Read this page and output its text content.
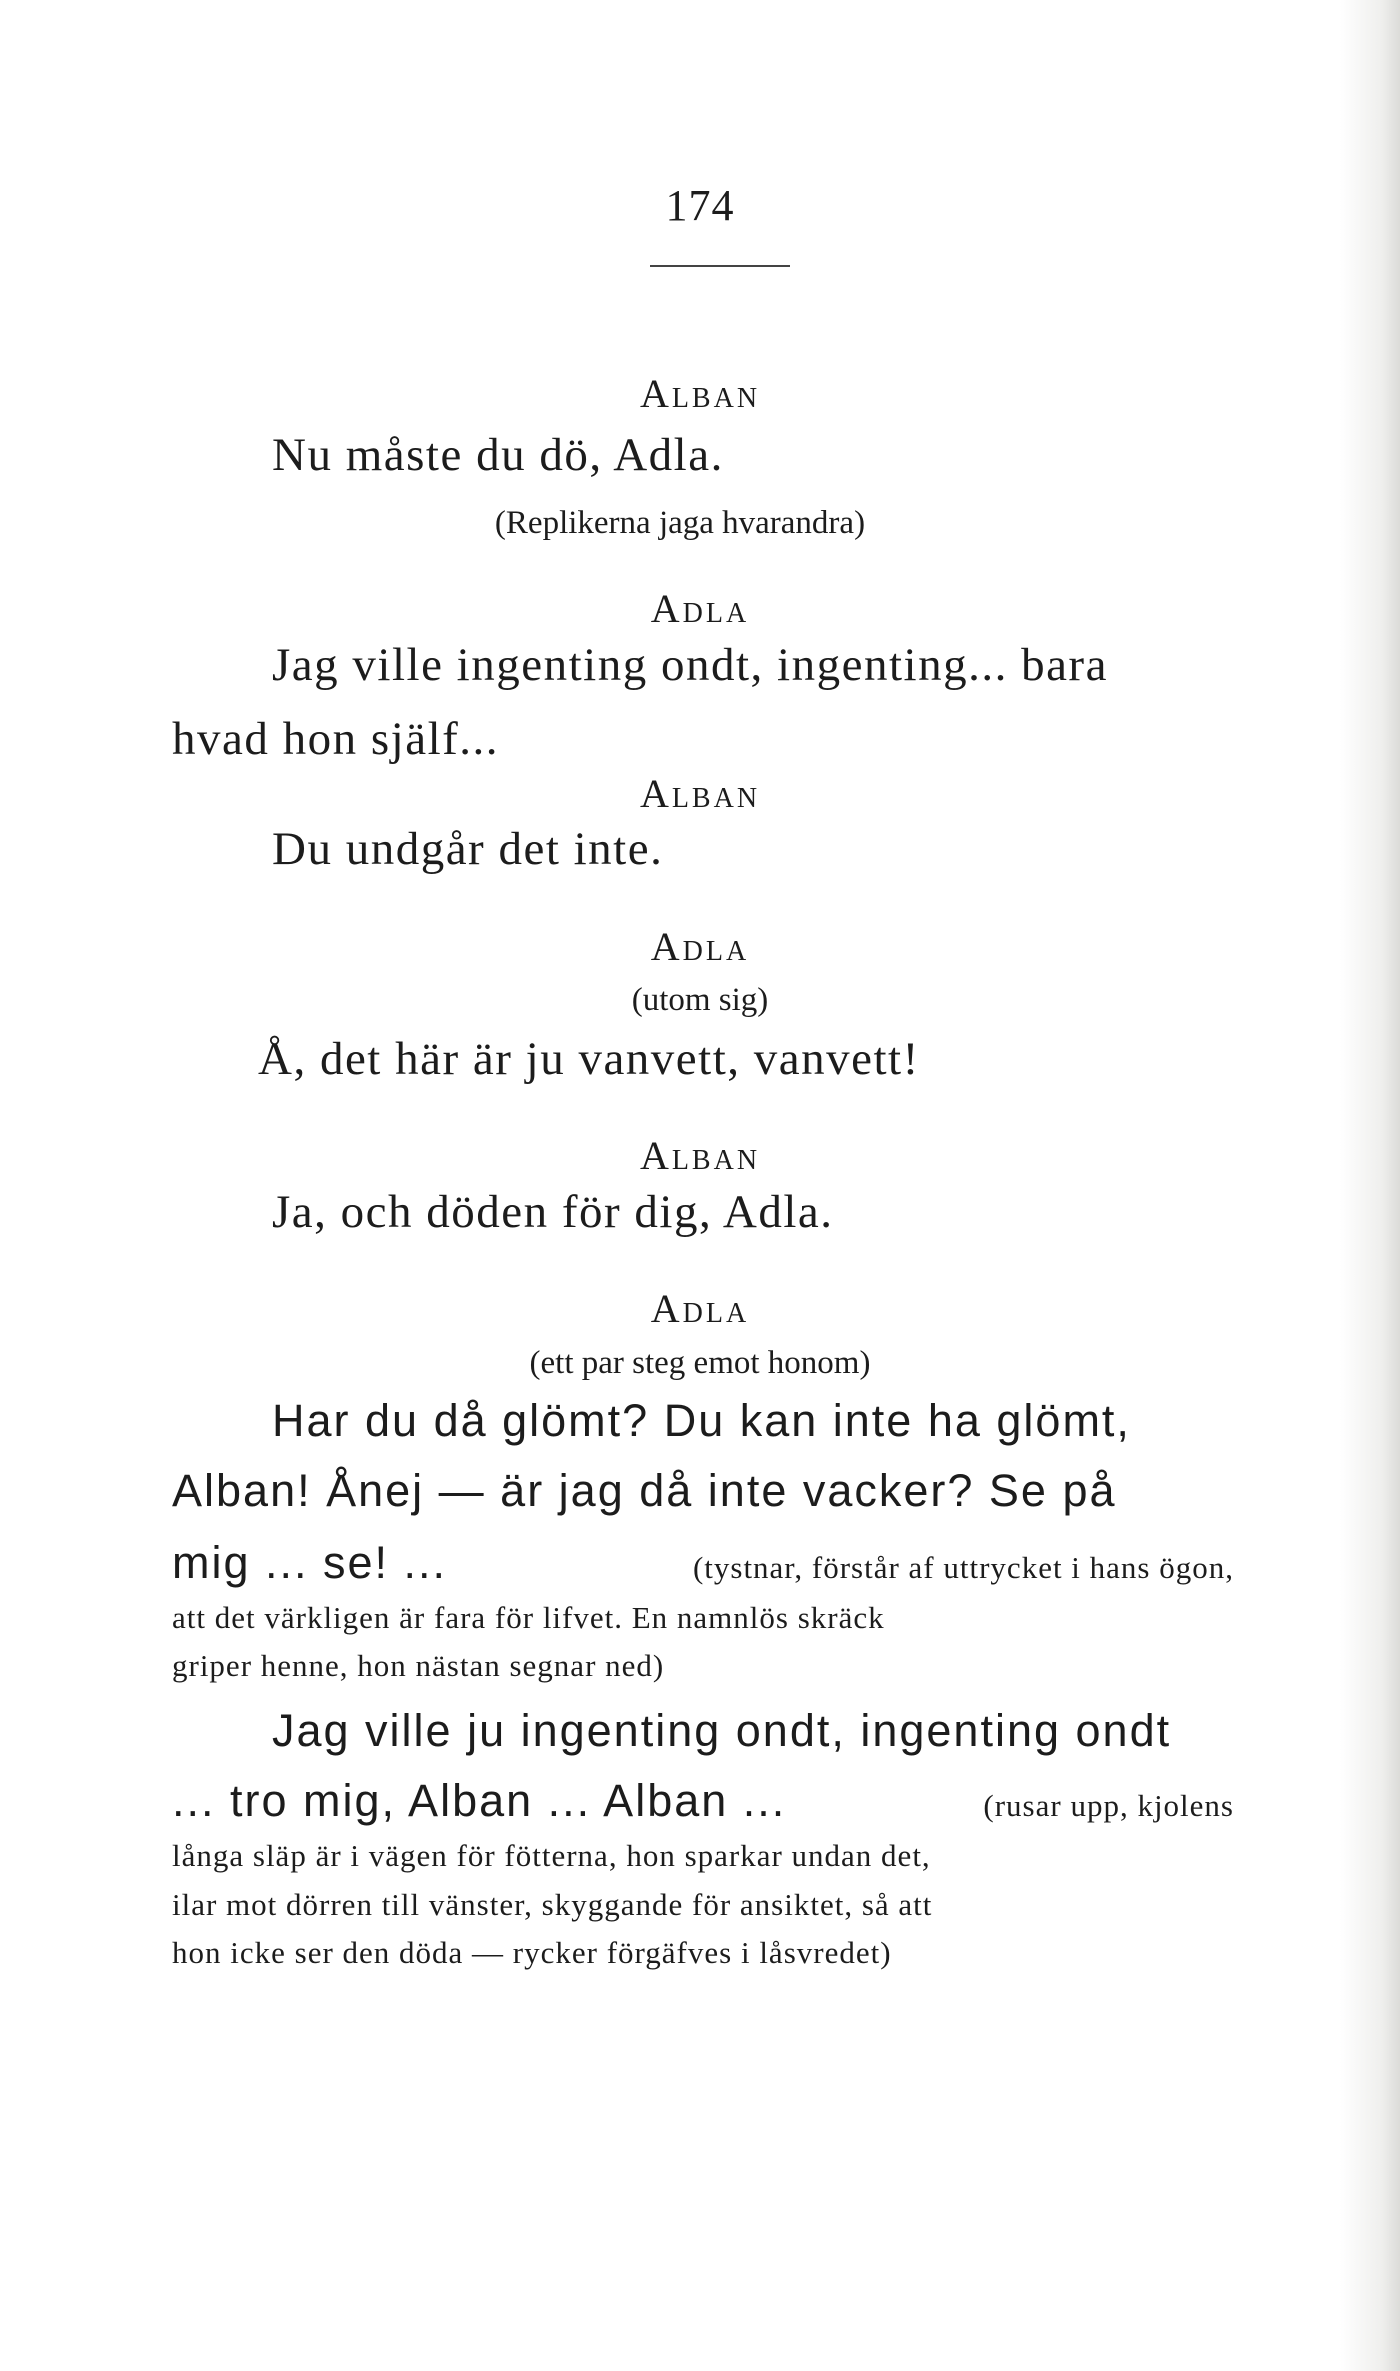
174
Alban
Nu måste du dö, Adla.
(Replikerna jaga hvarandra)
Adla
Jag ville ingenting ondt, ingenting... bara
hvad hon själf...
Alban
Du undgår det inte.
Adla
(utom sig)
Å, det här är ju vanvett, vanvett!
Alban
Ja, och döden för dig, Adla.
Adla
(ett par steg emot honom)
Har du då glömt? Du kan inte ha glömt,
Alban! Ånej — är jag då inte vacker? Se på
mig ... se! ...	(tystnar, förstår af uttrycket i hans ögon,
att det värkligen är fara för lifvet. En namnlös skräck
griper henne, hon nästan segnar ned)
Jag ville ju ingenting ondt, ingenting ondt
... tro mig, Alban ... Alban ...	(rusar upp, kjolens
långa släp är i vägen för fötterna, hon sparkar undan det,
ilar mot dörren till vänster, skyggande för ansiktet, så att
hon icke ser den döda — rycker förgäfves i låsvredet)
